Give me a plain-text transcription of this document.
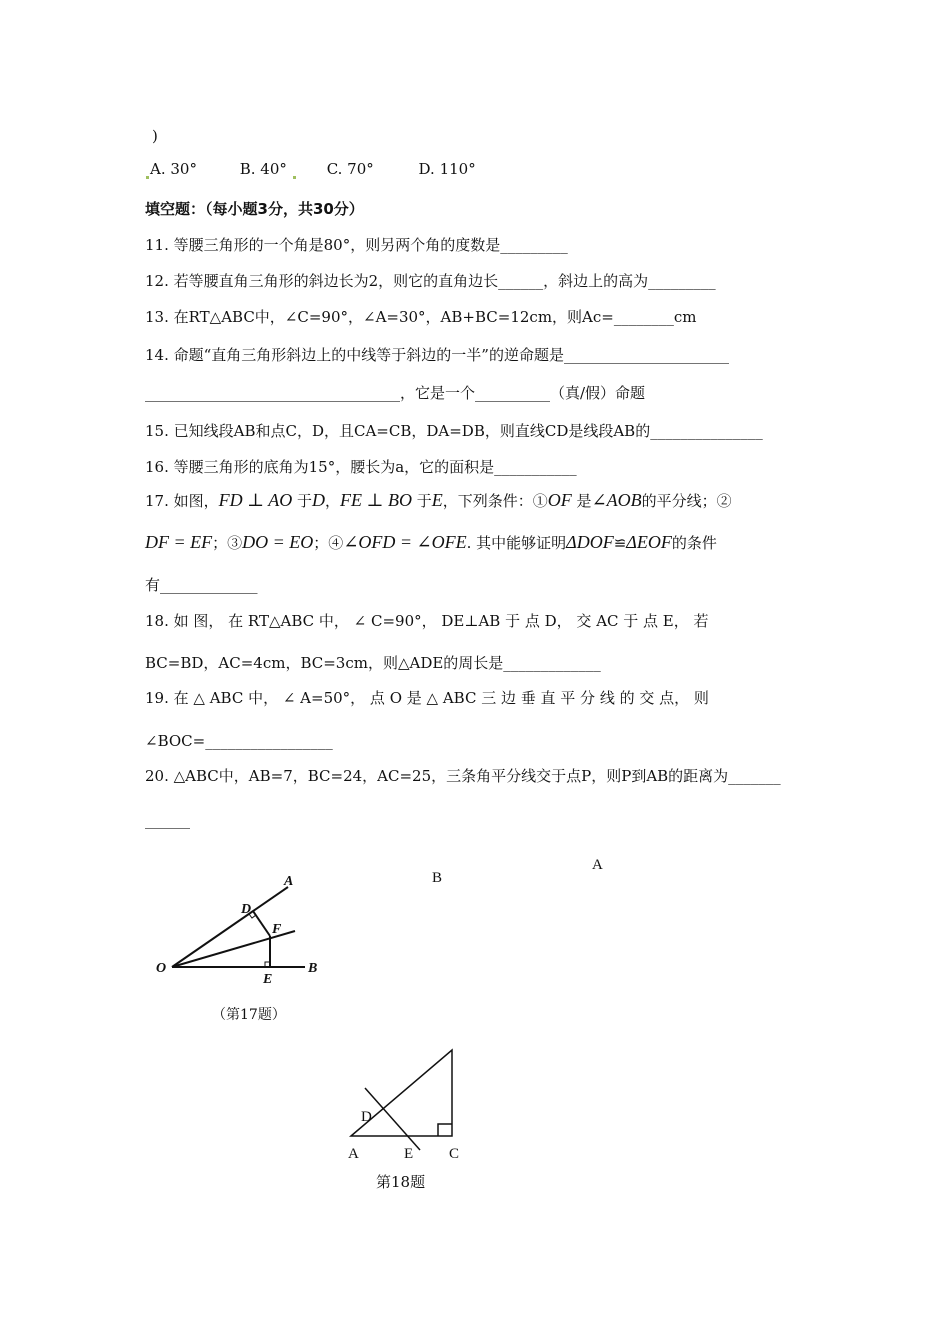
)
A. 30°	B. 40°	C. 70°	D. 110°
填空题：（每小题3分，共30分）
11. 等腰三角形的一个角是80°，则另两个角的度数是_________
12. 若等腰直角三角形的斜边长为2，则它的直角边长______，斜边上的高为_________
13. 在RT△ABC中，∠C=90°，∠A=30°，AB+BC=12cm，则Ac=________cm
14. 命题“直角三角形斜边上的中线等于斜边的一半”的逆命题是______________________
__________________________________，它是一个__________（真/假）命题
15. 已知线段AB和点C，D，且CA=CB，DA=DB，则直线CD是线段AB的_______________
16. 等腰三角形的底角为15°，腰长为a，它的面积是___________
17. 如图，FD ⊥ AO 于D，FE ⊥ BO 于E，下列条件：①OF 是∠AOB的平分线；②
DF = EF；③DO = EO；④∠OFD = ∠OFE. 其中能够证明ΔDOF≌ΔEOF的条件
有_____________
18. 如 图， 在 RT△ABC 中， ∠ C=90°， DE⊥AB 于 点 D， 交 AC 于 点 E， 若
BC=BD，AC=4cm，BC=3cm，则△ADE的周长是_____________
19. 在 △ ABC 中， ∠ A=50°， 点 O 是 △ ABC 三 边 垂 直 平 分 线 的 交 点， 则
∠BOC=_________________
20. △ABC中，AB=7，BC=24，AC=25，三条角平分线交于点P，则P到AB的距离为_______
______
A
D
F
O
E
B
（第17题）
B
A
D
A	E C
第18题
